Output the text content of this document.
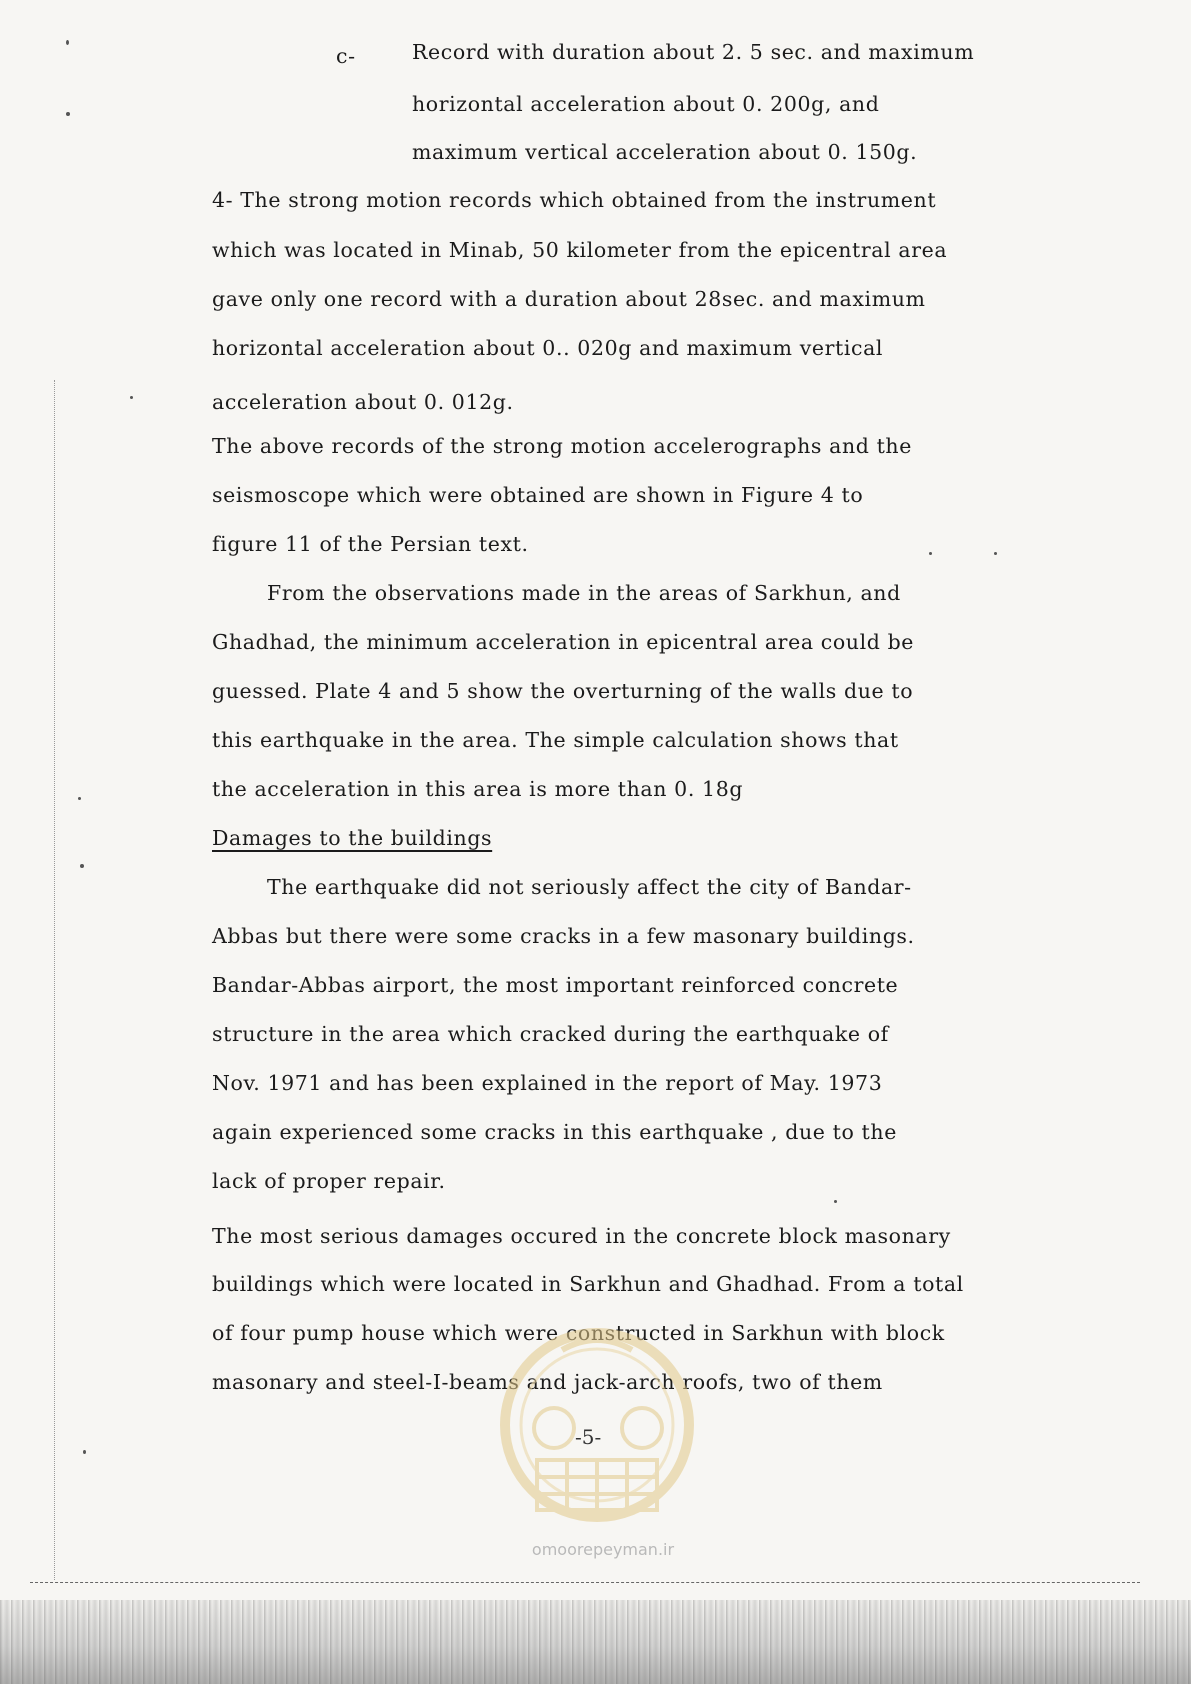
c-	Record with duration about 2. 5 sec. and maximum
horizontal acceleration about 0. 200g, and
maximum vertical acceleration about 0. 150g.
4- The strong motion records which obtained from the instrument
which was located in Minab, 50 kilometer from the epicentral area
gave only one record with a duration about 28sec. and maximum
horizontal acceleration about 0.. 020g and maximum vertical
acceleration about 0. 012g.
The above records of the strong motion accelerographs and the
seismoscope which were obtained are shown in Figure 4 to
figure 11 of the Persian text.
From the observations made in the areas of Sarkhun, and
Ghadhad, the minimum acceleration in epicentral area could be
guessed. Plate 4 and 5 show the overturning of the walls due to
this earthquake in the area. The simple calculation shows that
the acceleration in this area is more than 0. 18g
Damages to the buildings
The earthquake did not seriously affect the city of Bandar-
Abbas but there were some cracks in a few masonary buildings.
Bandar-Abbas airport, the most important reinforced concrete
structure in the area which cracked during the earthquake of
Nov. 1971 and has been explained in the report of May. 1973
again experienced some cracks in this earthquake , due to the
lack of proper repair.
The most serious damages occured in the concrete block masonary
buildings which were located in Sarkhun and Ghadhad. From a total
of four pump house which were constructed in Sarkhun with block
masonary and steel-I-beams and jack-arch roofs, two of them
-5-
omoorepeyman.ir
